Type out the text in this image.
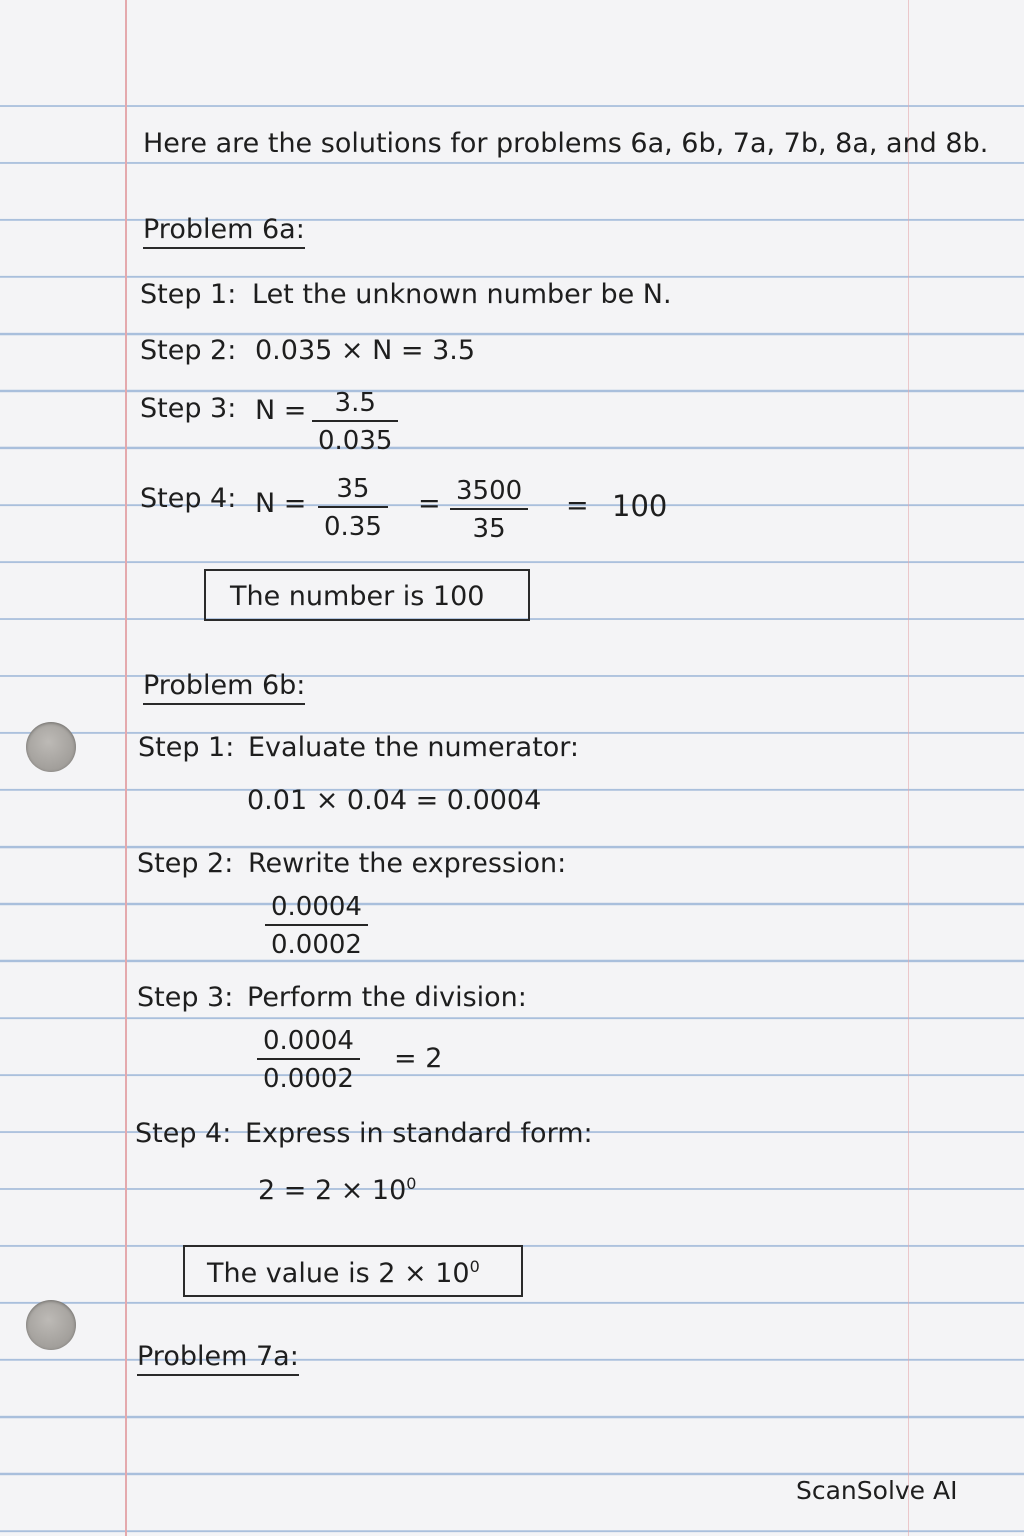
Here are the solutions for problems 6a, 6b, 7a, 7b, 8a, and 8b.
Problem 6a:
Step 1: Let the unknown number be N.
Step 2: 0.035 × N = 3.5
Step 3: N = 3.5
0.035
Step 4: N = 35
0.35
= 3500
35
= 100
The number is 100
Problem 6b:
Step 1: Evaluate the numerator:
0.01 × 0.04 = 0.0004
Step 2: Rewrite the expression:
0.0004
0.0002
Step 3: Perform the division:
0.0004
0.0002
= 2
Step 4: Express in standard form:
$2 = 2 \times 10^0$
The value is $2 \times 10^0$
Problem 7a:
ScanSolve AI
